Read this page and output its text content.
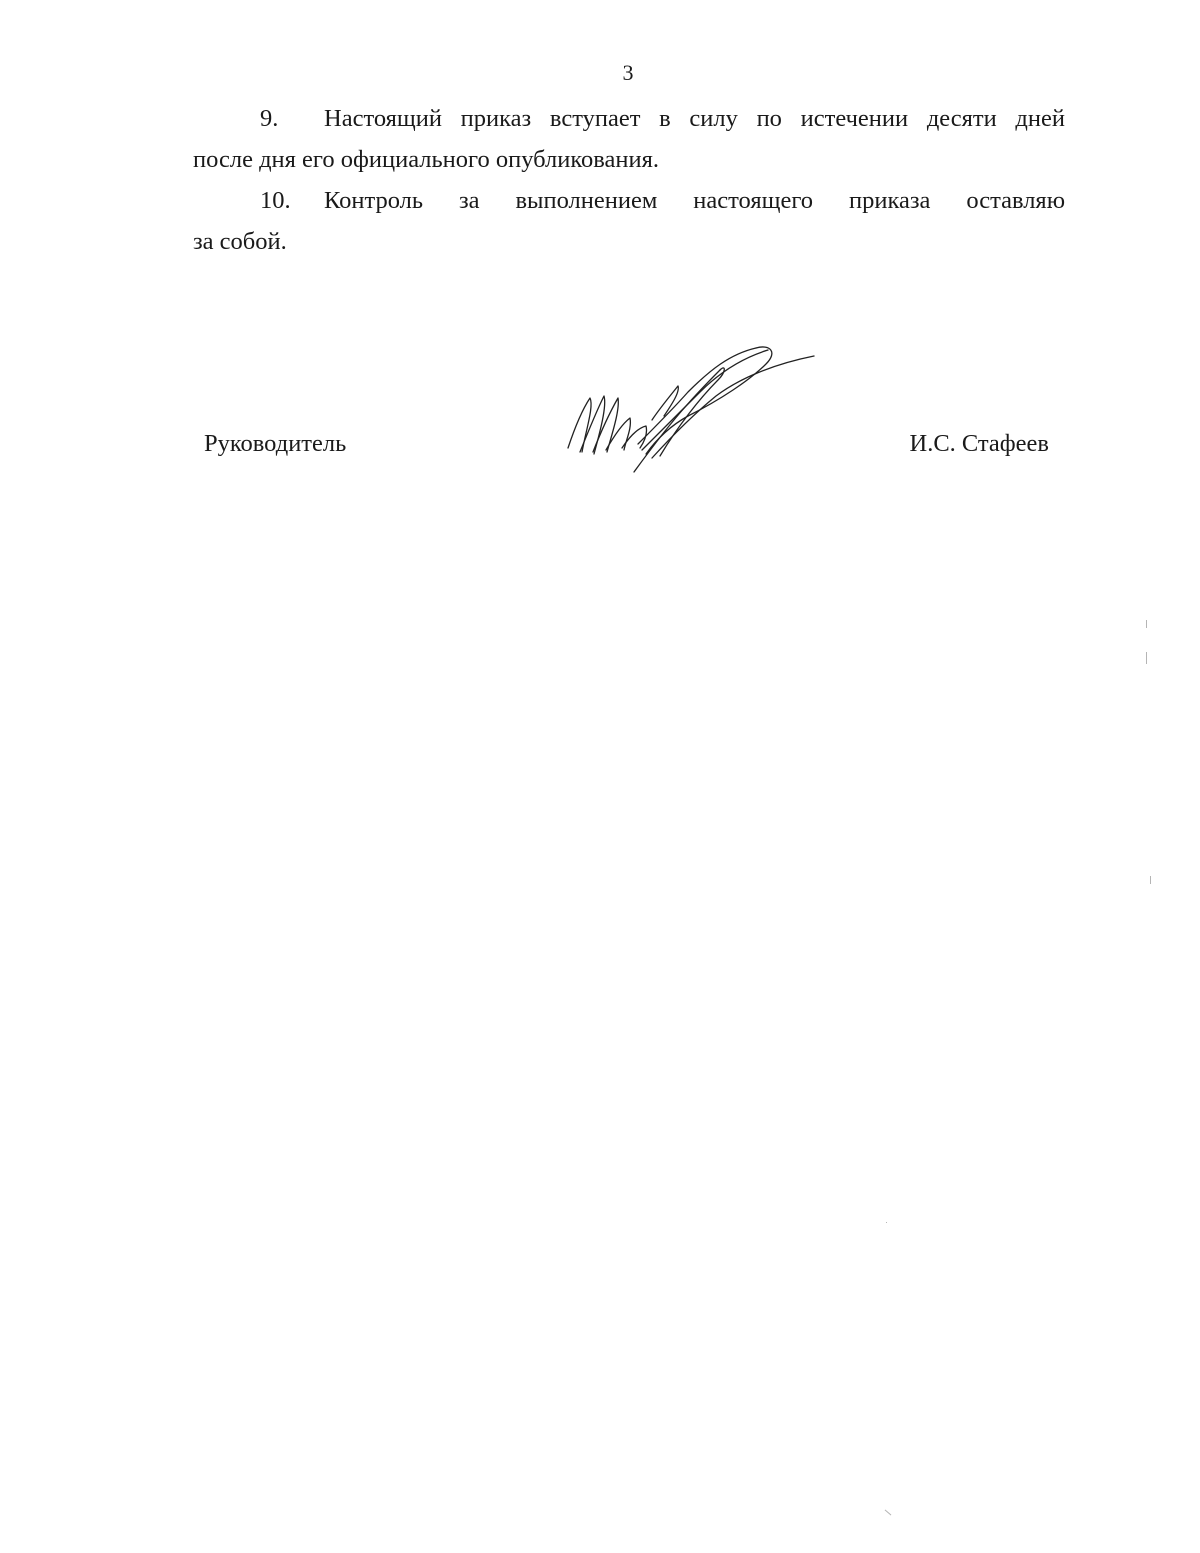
3

9. Настоящий приказ вступает в силу по истечении десяти дней
после дня его официального опубликования.

10. Контроль за выполнением настоящего приказа оставляю
за собой.

Руководитель	И.С. Стафеев
